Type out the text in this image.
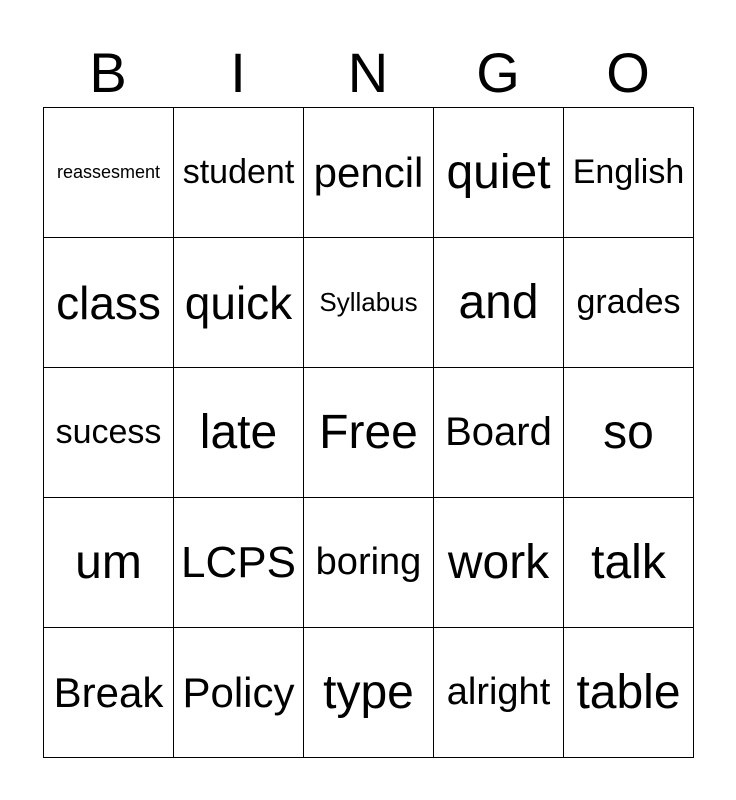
B	I	N	G	O
reassesment	student	pencil	quiet	English
class	quick	Syllabus	and	grades
sucess	late	Free	Board	so
um	LCPS	boring	work	talk
Break	Policy	type	alright	table
